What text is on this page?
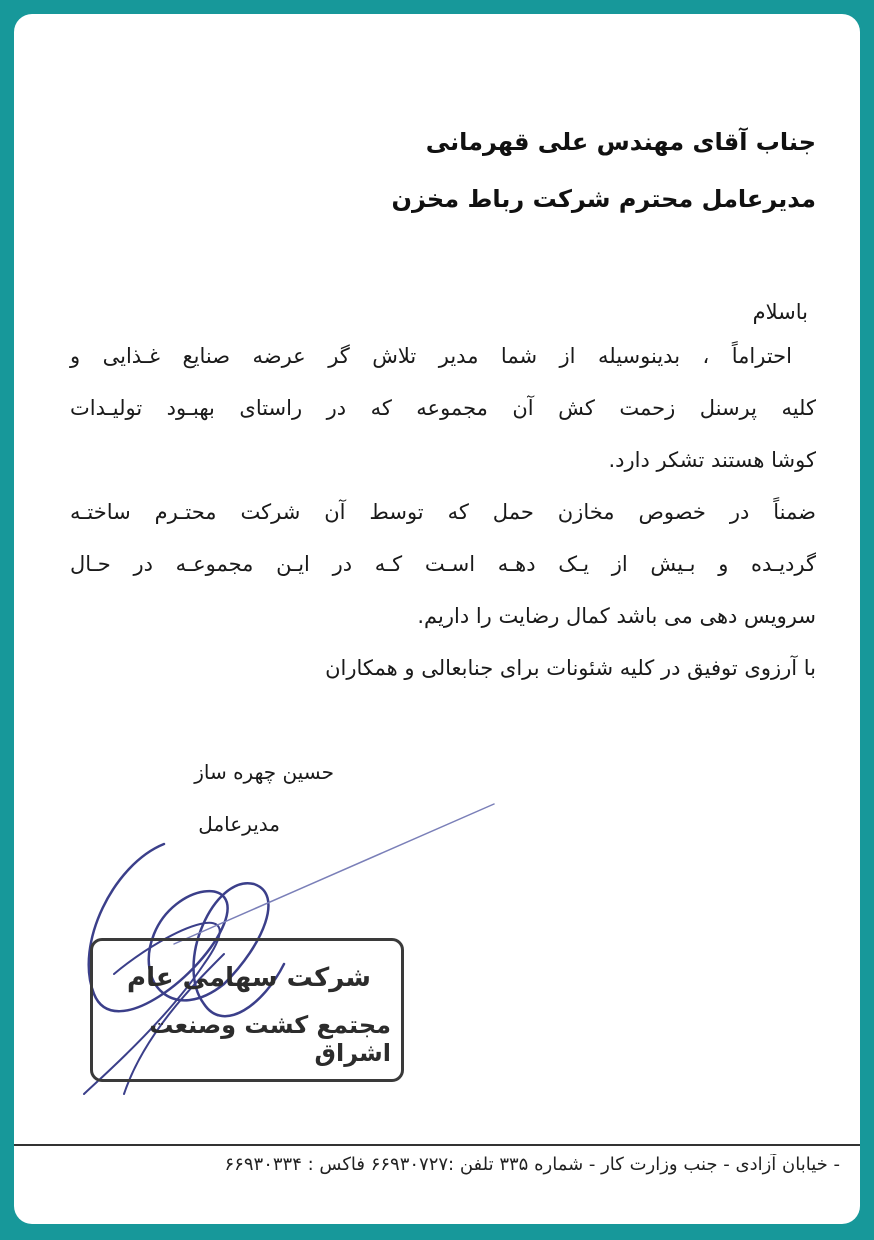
جناب آقای مهندس علی قهرمانی
مدیرعامل محترم شرکت رباط مخزن
باسلام
احتراماً ، بدینوسیله از شما مدیر تلاش گر عرضه صنایع غـذایی و
کلیه پرسنل زحمت کش آن مجموعه که در راستای بهبـود تولیـدات
کوشا هستند تشکر دارد.
ضمناً در خصوص مخازن حمل که توسط آن شرکت محتـرم ساختـه
گردیـده و بـیش از یـک دهـه اسـت کـه در ایـن مجموعـه در حـال
سرویس دهی می باشد کمال رضایت را داریم.
با آرزوی توفیق در کلیه شئونات برای جنابعالی و همکاران
حسین چهره ساز
مدیرعامل
شرکت سهامی عام
مجتمع کشت وصنعت اشراق
- خیابان آزادی - جنب وزارت کار - شماره ۳۳۵ تلفن :۶۶۹۳۰۷۲۷ فاکس : ۶۶۹۳۰۳۳۴
